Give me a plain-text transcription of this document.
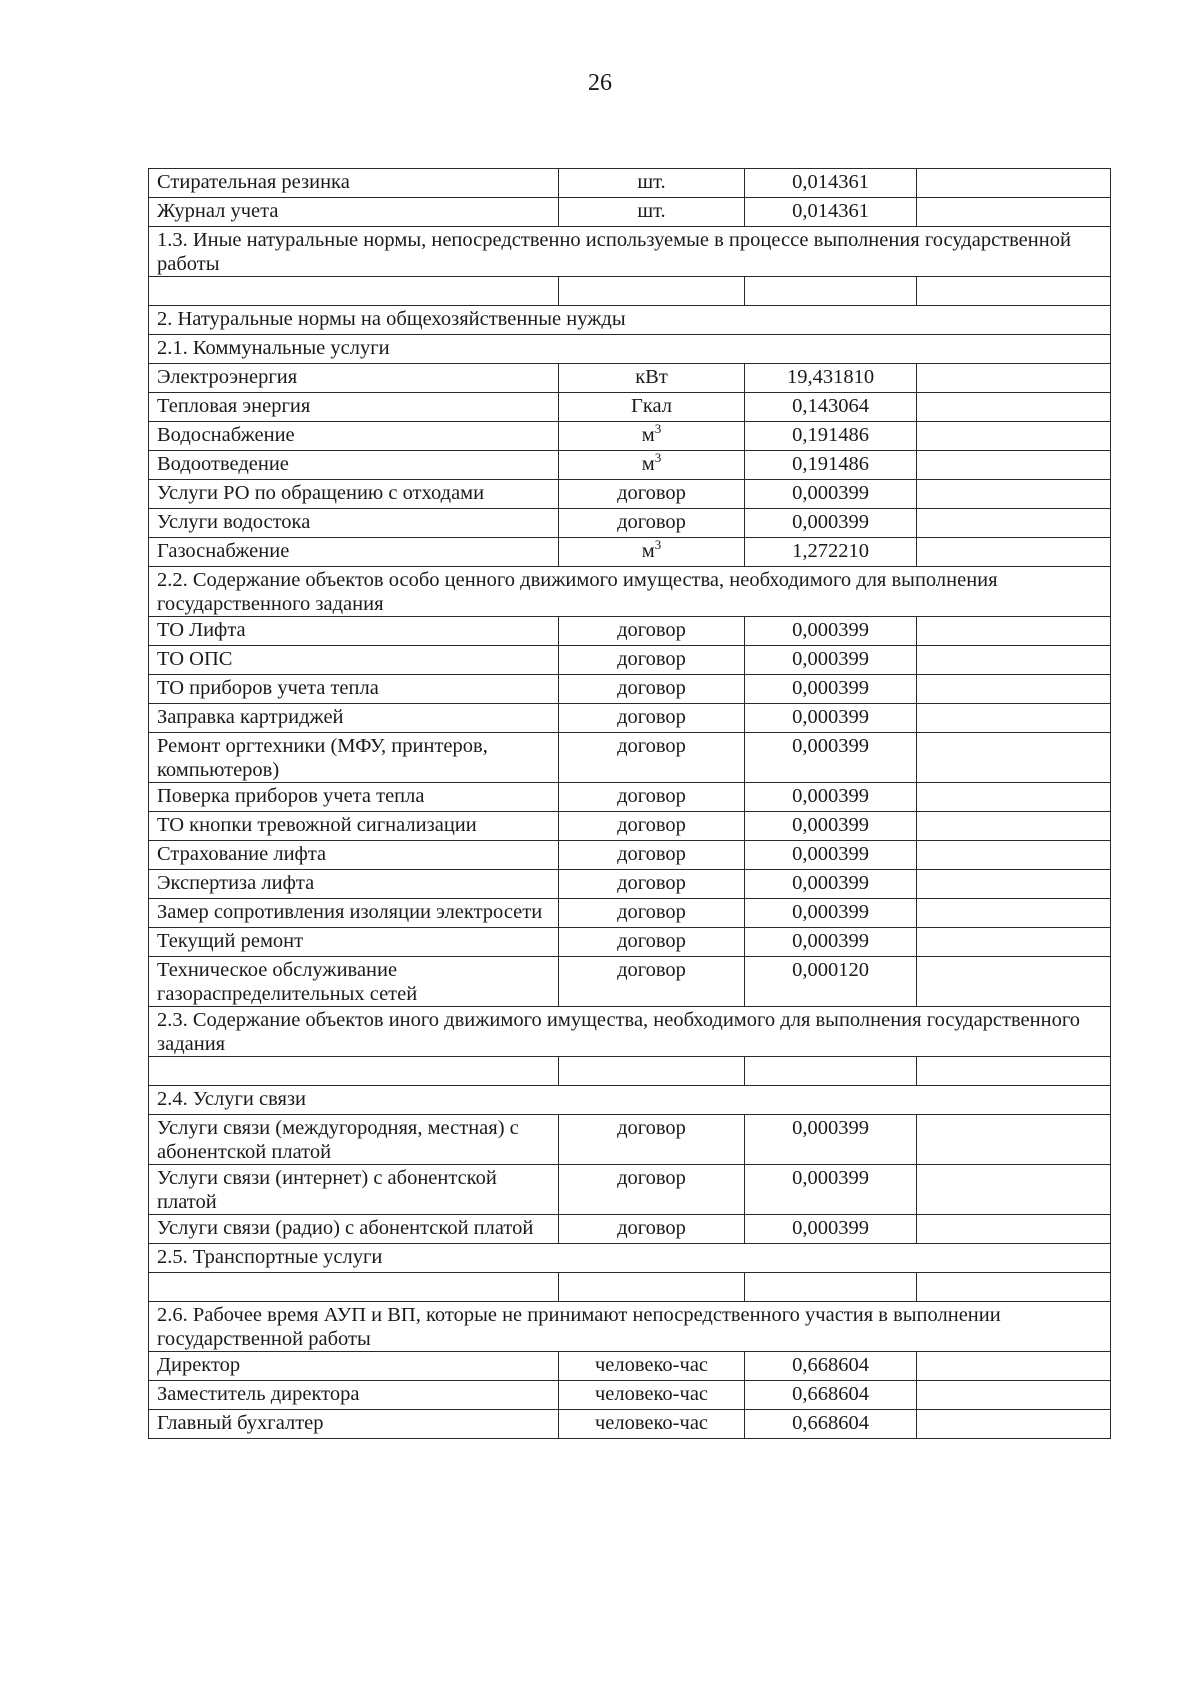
26
Стирательная резинка	шт.	0,014361	
Журнал учета	шт.	0,014361	
1.3. Иные натуральные нормы, непосредственно используемые в процессе выполнения государственной работы			

2. Натуральные нормы на общехозяйственные нужды			
2.1. Коммунальные услуги			
Электроэнергия	кВт	19,431810	
Тепловая энергия	Гкал	0,143064	
Водоснабжение	$м^3$	0,191486	
Водоотведение	$м^3$	0,191486	
Услуги РО по обращению с отходами	договор	0,000399	
Услуги водостока	договор	0,000399	
Газоснабжение	$м^3$	1,272210	
2.2. Содержание объектов особо ценного движимого имущества, необходимого для выполнения государственного задания			
ТО Лифта	договор	0,000399	
ТО ОПС	договор	0,000399	
ТО приборов учета тепла	договор	0,000399	
Заправка картриджей	договор	0,000399	
Ремонт оргтехники (МФУ, принтеров, компьютеров)	договор	0,000399	
Поверка приборов учета тепла	договор	0,000399	
ТО кнопки тревожной сигнализации	договор	0,000399	
Страхование лифта	договор	0,000399	
Экспертиза лифта	договор	0,000399	
Замер сопротивления изоляции электросети	договор	0,000399	
Текущий ремонт	договор	0,000399	
Техническое обслуживание газораспределительных сетей	договор	0,000120	
2.3. Содержание объектов иного движимого имущества, необходимого для выполнения государственного задания			

2.4. Услуги связи			
Услуги связи (междугородняя, местная) с абонентской платой	договор	0,000399	
Услуги связи (интернет) с абонентской платой	договор	0,000399	
Услуги связи (радио) с абонентской платой	договор	0,000399	
2.5. Транспортные услуги			

2.6. Рабочее время АУП и ВП, которые не принимают непосредственного участия в выполнении государственной работы			
Директор	человеко-час	0,668604	
Заместитель директора	человеко-час	0,668604	
Главный бухгалтер	человеко-час	0,668604	
